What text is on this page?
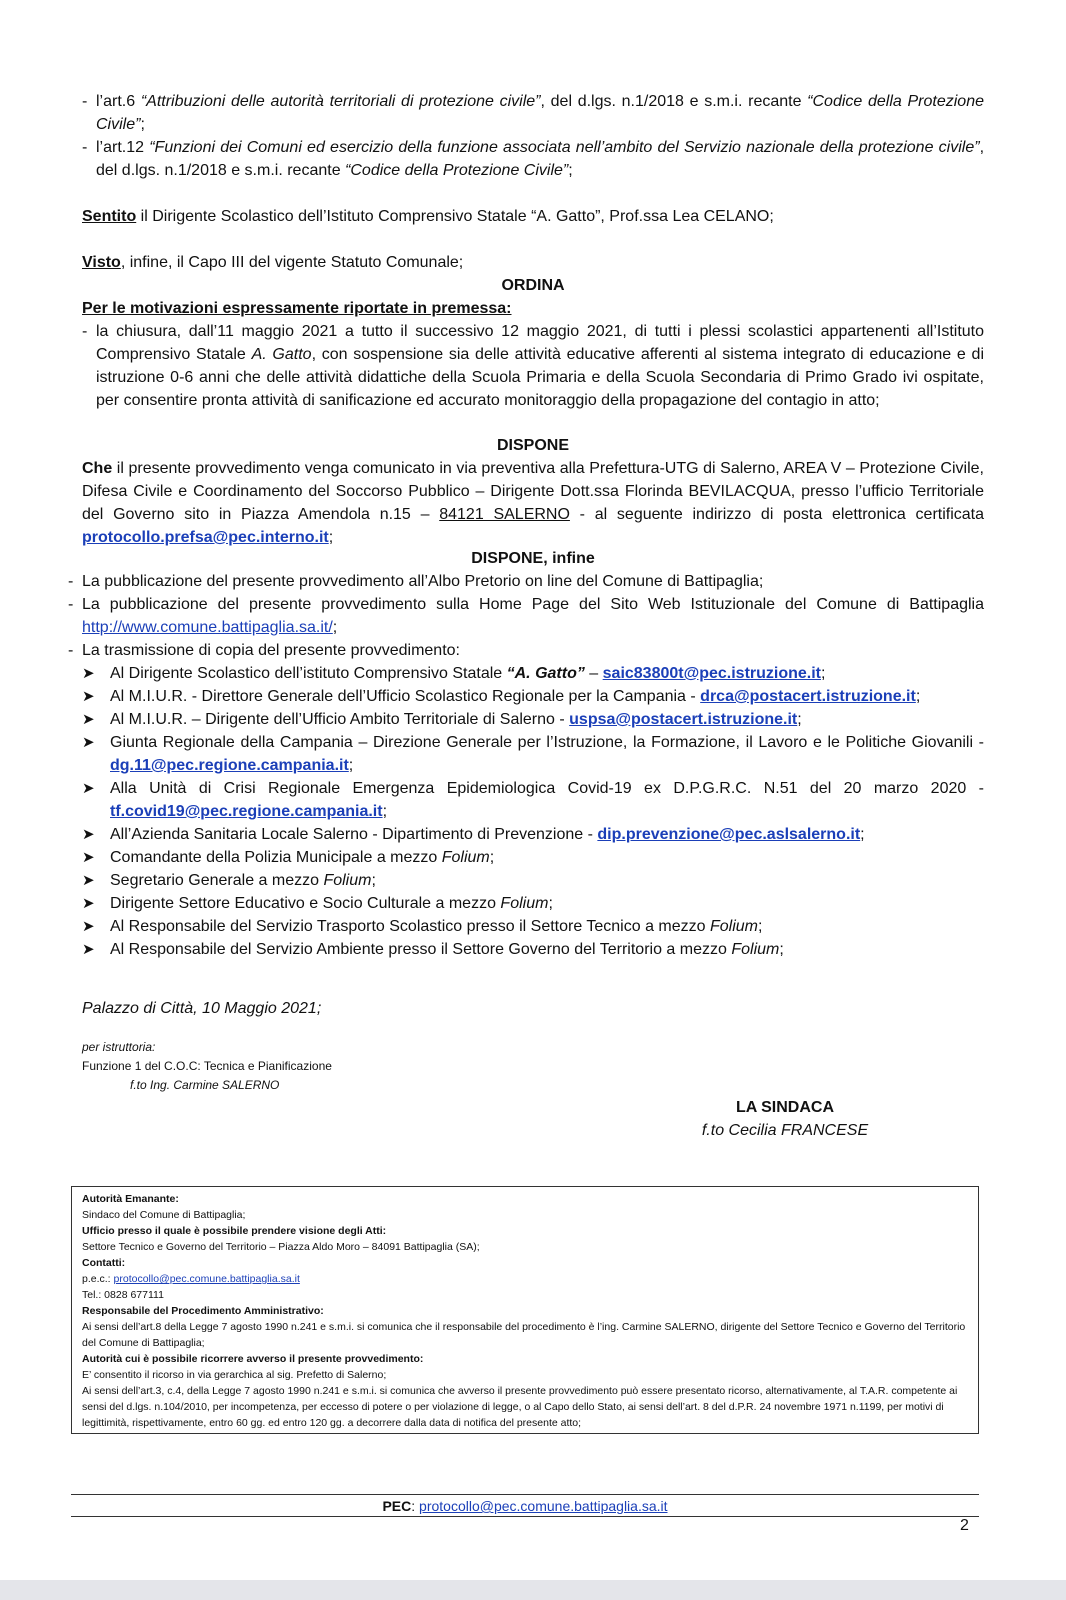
- l’art.6 “Attribuzioni delle autorità territoriali di protezione civile”, del d.lgs. n.1/2018 e s.m.i. recante “Codice della Protezione Civile”;
- l’art.12 “Funzioni dei Comuni ed esercizio della funzione associata nell’ambito del Servizio nazionale della protezione civile”, del d.lgs. n.1/2018 e s.m.i. recante “Codice della Protezione Civile”;
Sentito il Dirigente Scolastico dell’Istituto Comprensivo Statale “A. Gatto”, Prof.ssa Lea CELANO;
Visto, infine, il Capo III del vigente Statuto Comunale;
ORDINA
Per le motivazioni espressamente riportate in premessa:
- la chiusura, dall’11 maggio 2021 a tutto il successivo 12 maggio 2021, di tutti i plessi scolastici appartenenti all’Istituto Comprensivo Statale A. Gatto, con sospensione sia delle attività educative afferenti al sistema integrato di educazione e di istruzione 0-6 anni che delle attività didattiche della Scuola Primaria e della Scuola Secondaria di Primo Grado ivi ospitate, per consentire pronta attività di sanificazione ed accurato monitoraggio della propagazione del contagio in atto;
DISPONE
Che il presente provvedimento venga comunicato in via preventiva alla Prefettura-UTG di Salerno, AREA V – Protezione Civile, Difesa Civile e Coordinamento del Soccorso Pubblico – Dirigente Dott.ssa Florinda BEVILACQUA, presso l’ufficio Territoriale del Governo sito in Piazza Amendola n.15 – 84121 SALERNO - al seguente indirizzo di posta elettronica certificata protocollo.prefsa@pec.interno.it;
DISPONE, infine
- La pubblicazione del presente provvedimento all’Albo Pretorio on line del Comune di Battipaglia;
- La pubblicazione del presente provvedimento sulla Home Page del Sito Web Istituzionale del Comune di Battipaglia http://www.comune.battipaglia.sa.it/;
- La trasmissione di copia del presente provvedimento:
➤ Al Dirigente Scolastico dell’istituto Comprensivo Statale “A. Gatto” – saic83800t@pec.istruzione.it;
➤ Al M.I.U.R. - Direttore Generale dell’Ufficio Scolastico Regionale per la Campania - drca@postacert.istruzione.it;
➤ Al M.I.U.R. – Dirigente dell’Ufficio Ambito Territoriale di Salerno - uspsa@postacert.istruzione.it;
➤ Giunta Regionale della Campania – Direzione Generale per l’Istruzione, la Formazione, il Lavoro e le Politiche Giovanili - dg.11@pec.regione.campania.it;
➤ Alla Unità di Crisi Regionale Emergenza Epidemiologica Covid-19 ex D.P.G.R.C. N.51 del 20 marzo 2020 - tf.covid19@pec.regione.campania.it;
➤ All’Azienda Sanitaria Locale Salerno - Dipartimento di Prevenzione - dip.prevenzione@pec.aslsalerno.it;
➤ Comandante della Polizia Municipale a mezzo Folium;
➤ Segretario Generale a mezzo Folium;
➤ Dirigente Settore Educativo e Socio Culturale a mezzo Folium;
➤ Al Responsabile del Servizio Trasporto Scolastico presso il Settore Tecnico a mezzo Folium;
➤ Al Responsabile del Servizio Ambiente presso il Settore Governo del Territorio a mezzo Folium;
Palazzo di Città, 10 Maggio 2021;
per istruttoria:
Funzione 1 del C.O.C: Tecnica e Pianificazione
f.to Ing. Carmine SALERNO
LA SINDACA
f.to Cecilia FRANCESE
Autorità Emanante:
Sindaco del Comune di Battipaglia;
Ufficio presso il quale è possibile prendere visione degli Atti:
Settore Tecnico e Governo del Territorio – Piazza Aldo Moro – 84091 Battipaglia (SA);
Contatti:
p.e.c.: protocollo@pec.comune.battipaglia.sa.it
Tel.: 0828 677111
Responsabile del Procedimento Amministrativo:
Ai sensi dell’art.8 della Legge 7 agosto 1990 n.241 e s.m.i. si comunica che il responsabile del procedimento è l’ing. Carmine SALERNO, dirigente del Settore Tecnico e Governo del Territorio del Comune di Battipaglia;
Autorità cui è possibile ricorrere avverso il presente provvedimento:
E’ consentito il ricorso in via gerarchica al sig. Prefetto di Salerno;
Ai sensi dell’art.3, c.4, della Legge 7 agosto 1990 n.241 e s.m.i. si comunica che avverso il presente provvedimento può essere presentato ricorso, alternativamente, al T.A.R. competente ai sensi del d.lgs. n.104/2010, per incompetenza, per eccesso di potere o per violazione di legge, o al Capo dello Stato, ai sensi dell’art. 8 del d.P.R. 24 novembre 1971 n.1199, per motivi di legittimità, rispettivamente, entro 60 gg. ed entro 120 gg. a decorrere dalla data di notifica del presente atto;
PEC: protocollo@pec.comune.battipaglia.sa.it
2
